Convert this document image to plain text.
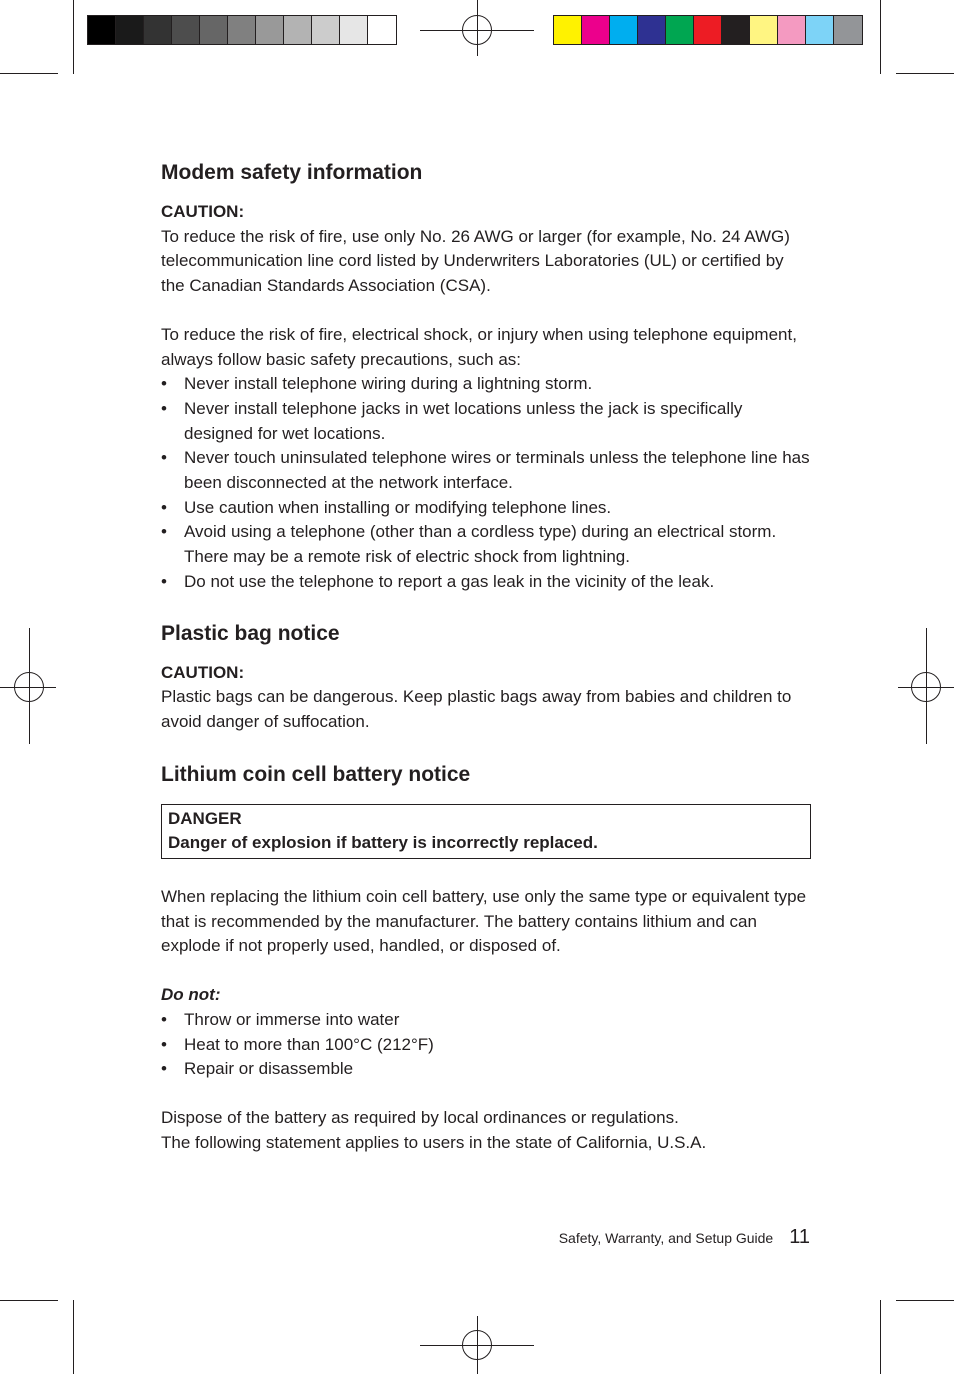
Modem safety information

CAUTION:

To reduce the risk of fire, use only No. 26 AWG or larger (for example, No. 24 AWG) telecommunication line cord listed by Underwriters Laboratories (UL) or certified by the Canadian Standards Association (CSA).

To reduce the risk of fire, electrical shock, or injury when using telephone equipment, always follow basic safety precautions, such as:

• Never install telephone wiring during a lightning storm.
• Never install telephone jacks in wet locations unless the jack is specifically designed for wet locations.
• Never touch uninsulated telephone wires or terminals unless the telephone line has been disconnected at the network interface.
• Use caution when installing or modifying telephone lines.
• Avoid using a telephone (other than a cordless type) during an electrical storm. There may be a remote risk of electric shock from lightning.
• Do not use the telephone to report a gas leak in the vicinity of the leak.
Plastic bag notice

CAUTION:

Plastic bags can be dangerous. Keep plastic bags away from babies and children to avoid danger of suffocation.

Lithium coin cell battery notice

DANGER

Danger of explosion if battery is incorrectly replaced.

When replacing the lithium coin cell battery, use only the same type or equivalent type that is recommended by the manufacturer. The battery contains lithium and can explode if not properly used, handled, or disposed of.

Do not:

• Throw or immerse into water
• Heat to more than 100°C (212°F)
• Repair or disassemble

Dispose of the battery as required by local ordinances or regulations.

The following statement applies to users in the state of California, U.S.A.

Safety, Warranty, and Setup Guide 11
